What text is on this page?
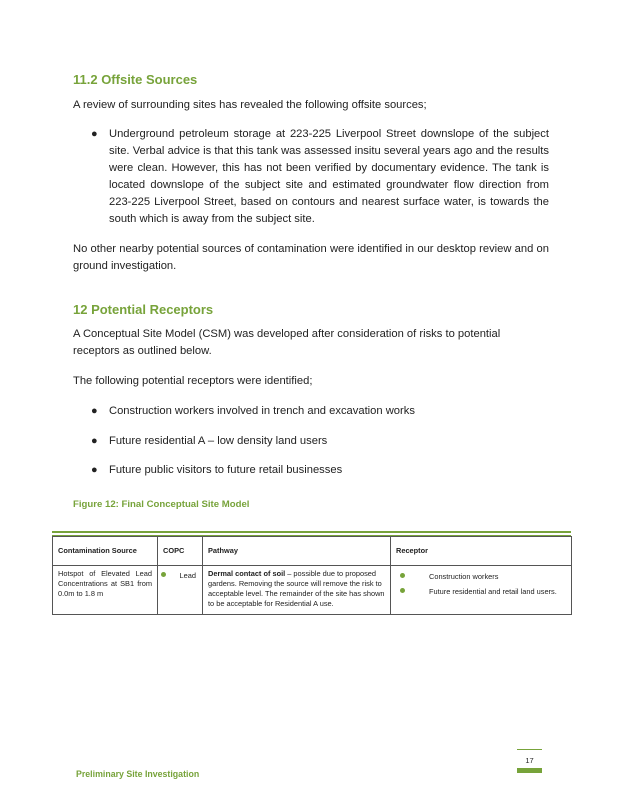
11.2 Offsite Sources
A review of surrounding sites has revealed the following offsite sources;
● Underground petroleum storage at 223-225 Liverpool Street downslope of the subject site. Verbal advice is that this tank was assessed insitu several years ago and the results were clean. However, this has not been verified by documentary evidence. The tank is located downslope of the subject site and estimated groundwater flow direction from 223-225 Liverpool Street, based on contours and nearest surface water, is towards the south which is away from the subject site.
No other nearby potential sources of contamination were identified in our desktop review and on ground investigation.
12 Potential Receptors
A Conceptual Site Model (CSM) was developed after consideration of risks to potential receptors as outlined below.
The following potential receptors were identified;
● Construction workers involved in trench and excavation works
● Future residential A – low density land users
● Future public visitors to future retail businesses
Figure 12: Final Conceptual Site Model
Contamination Source	COPC	Pathway	Receptor
Hotspot of Elevated Lead Concentrations at SB1 from 0.0m to 1.8 m	Lead	Dermal contact of soil – possible due to proposed gardens. Removing the source will remove the risk to acceptable level. The remainder of the site has shown to be acceptable for Residential A use.	Construction workers
Future residential and retail land users.
17
Preliminary Site Investigation
